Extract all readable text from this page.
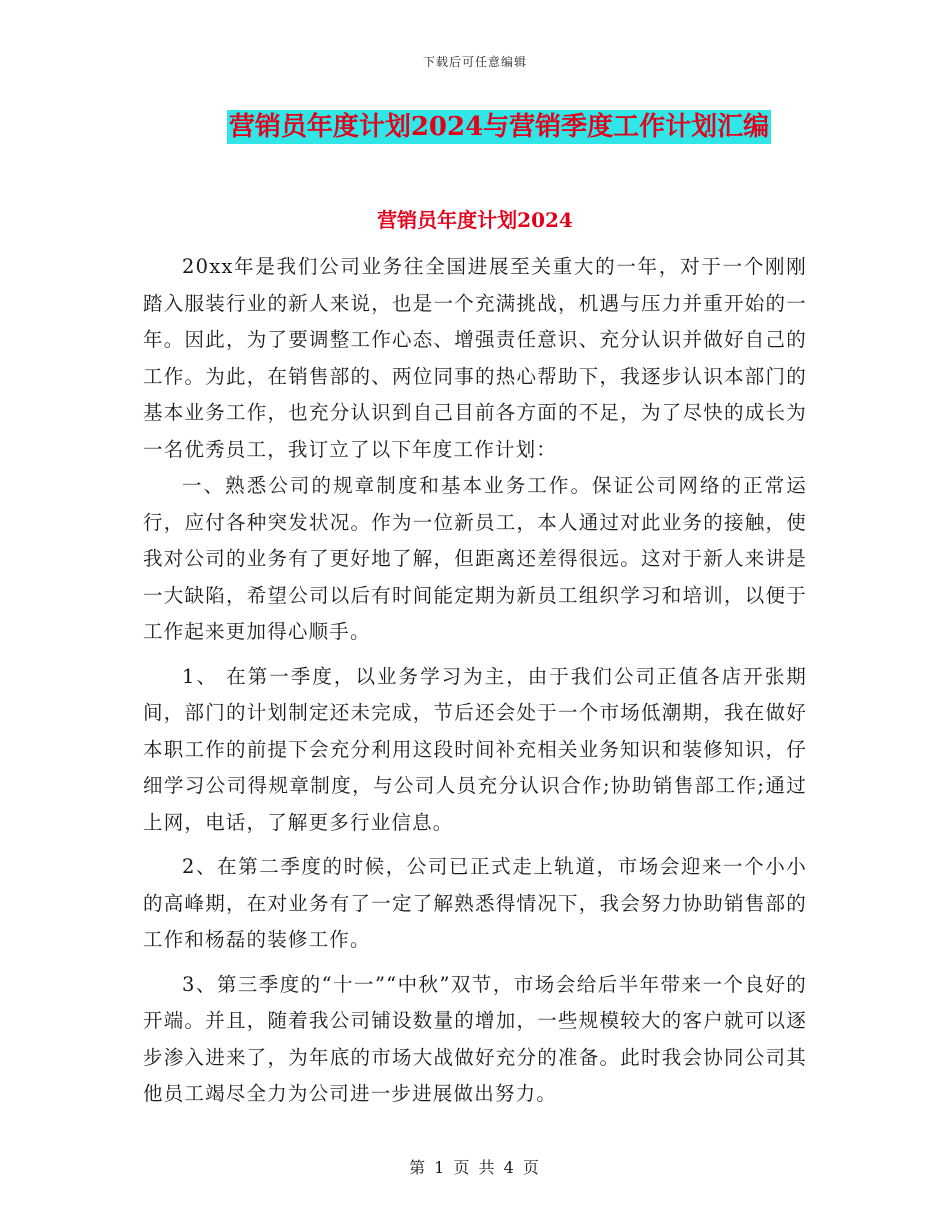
下载后可任意编辑
营销员年度计划2024与营销季度工作计划汇编
营销员年度计划2024

20xx年是我们公司业务往全国进展至关重大的一年，对于一个刚刚踏入服装行业的新人来说，也是一个充满挑战，机遇与压力并重开始的一年。因此，为了要调整工作心态、增强责任意识、充分认识并做好自己的工作。为此，在销售部的、两位同事的热心帮助下，我逐步认识本部门的基本业务工作，也充分认识到自己目前各方面的不足，为了尽快的成长为一名优秀员工，我订立了以下年度工作计划：

一、熟悉公司的规章制度和基本业务工作。保证公司网络的正常运行，应付各种突发状况。作为一位新员工，本人通过对此业务的接触，使我对公司的业务有了更好地了解，但距离还差得很远。这对于新人来讲是一大缺陷，希望公司以后有时间能定期为新员工组织学习和培训，以便于工作起来更加得心顺手。

1、 在第一季度，以业务学习为主，由于我们公司正值各店开张期间，部门的计划制定还未完成，节后还会处于一个市场低潮期，我在做好本职工作的前提下会充分利用这段时间补充相关业务知识和装修知识，仔细学习公司得规章制度，与公司人员充分认识合作;协助销售部工作;通过上网，电话，了解更多行业信息。

2、在第二季度的时候，公司已正式走上轨道，市场会迎来一个小小的高峰期，在对业务有了一定了解熟悉得情况下，我会努力协助销售部的工作和杨磊的装修工作。

3、第三季度的“十一”“中秋”双节，市场会给后半年带来一个良好的开端。并且，随着我公司铺设数量的增加，一些规模较大的客户就可以逐步渗入进来了，为年底的市场大战做好充分的准备。此时我会协同公司其他员工竭尽全力为公司进一步进展做出努力。

第 1 页 共 4 页
